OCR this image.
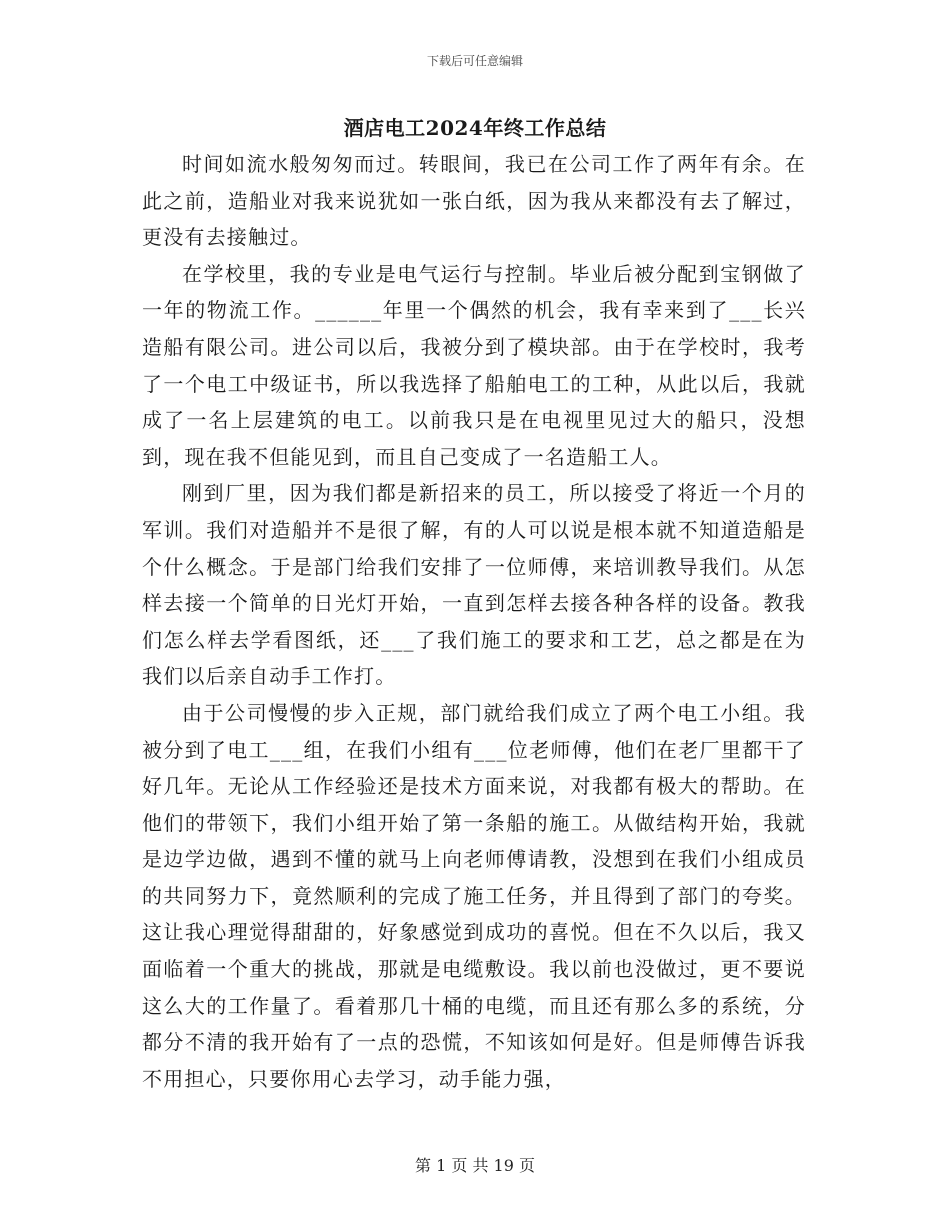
下载后可任意编辑
酒店电工2024年终工作总结

时间如流水般匆匆而过。转眼间，我已在公司工作了两年有余。在此之前，造船业对我来说犹如一张白纸，因为我从来都没有去了解过，更没有去接触过。

在学校里，我的专业是电气运行与控制。毕业后被分配到宝钢做了一年的物流工作。______年里一个偶然的机会，我有幸来到了___长兴造船有限公司。进公司以后，我被分到了模块部。由于在学校时，我考了一个电工中级证书，所以我选择了船舶电工的工种，从此以后，我就成了一名上层建筑的电工。以前我只是在电视里见过大的船只，没想到，现在我不但能见到，而且自己变成了一名造船工人。

刚到厂里，因为我们都是新招来的员工，所以接受了将近一个月的军训。我们对造船并不是很了解，有的人可以说是根本就不知道造船是个什么概念。于是部门给我们安排了一位师傅，来培训教导我们。从怎样去接一个简单的日光灯开始，一直到怎样去接各种各样的设备。教我们怎么样去学看图纸，还___了我们施工的要求和工艺，总之都是在为我们以后亲自动手工作打。

由于公司慢慢的步入正规，部门就给我们成立了两个电工小组。我被分到了电工___组，在我们小组有___位老师傅，他们在老厂里都干了好几年。无论从工作经验还是技术方面来说，对我都有极大的帮助。在他们的带领下，我们小组开始了第一条船的施工。从做结构开始，我就是边学边做，遇到不懂的就马上向老师傅请教，没想到在我们小组成员的共同努力下，竟然顺利的完成了施工任务，并且得到了部门的夸奖。这让我心理觉得甜甜的，好象感觉到成功的喜悦。但在不久以后，我又面临着一个重大的挑战，那就是电缆敷设。我以前也没做过，更不要说这么大的工作量了。看着那几十桶的电缆，而且还有那么多的系统，分都分不清的我开始有了一点的恐慌，不知该如何是好。但是师傅告诉我不用担心，只要你用心去学习，动手能力强，

第 1 页 共 19 页
